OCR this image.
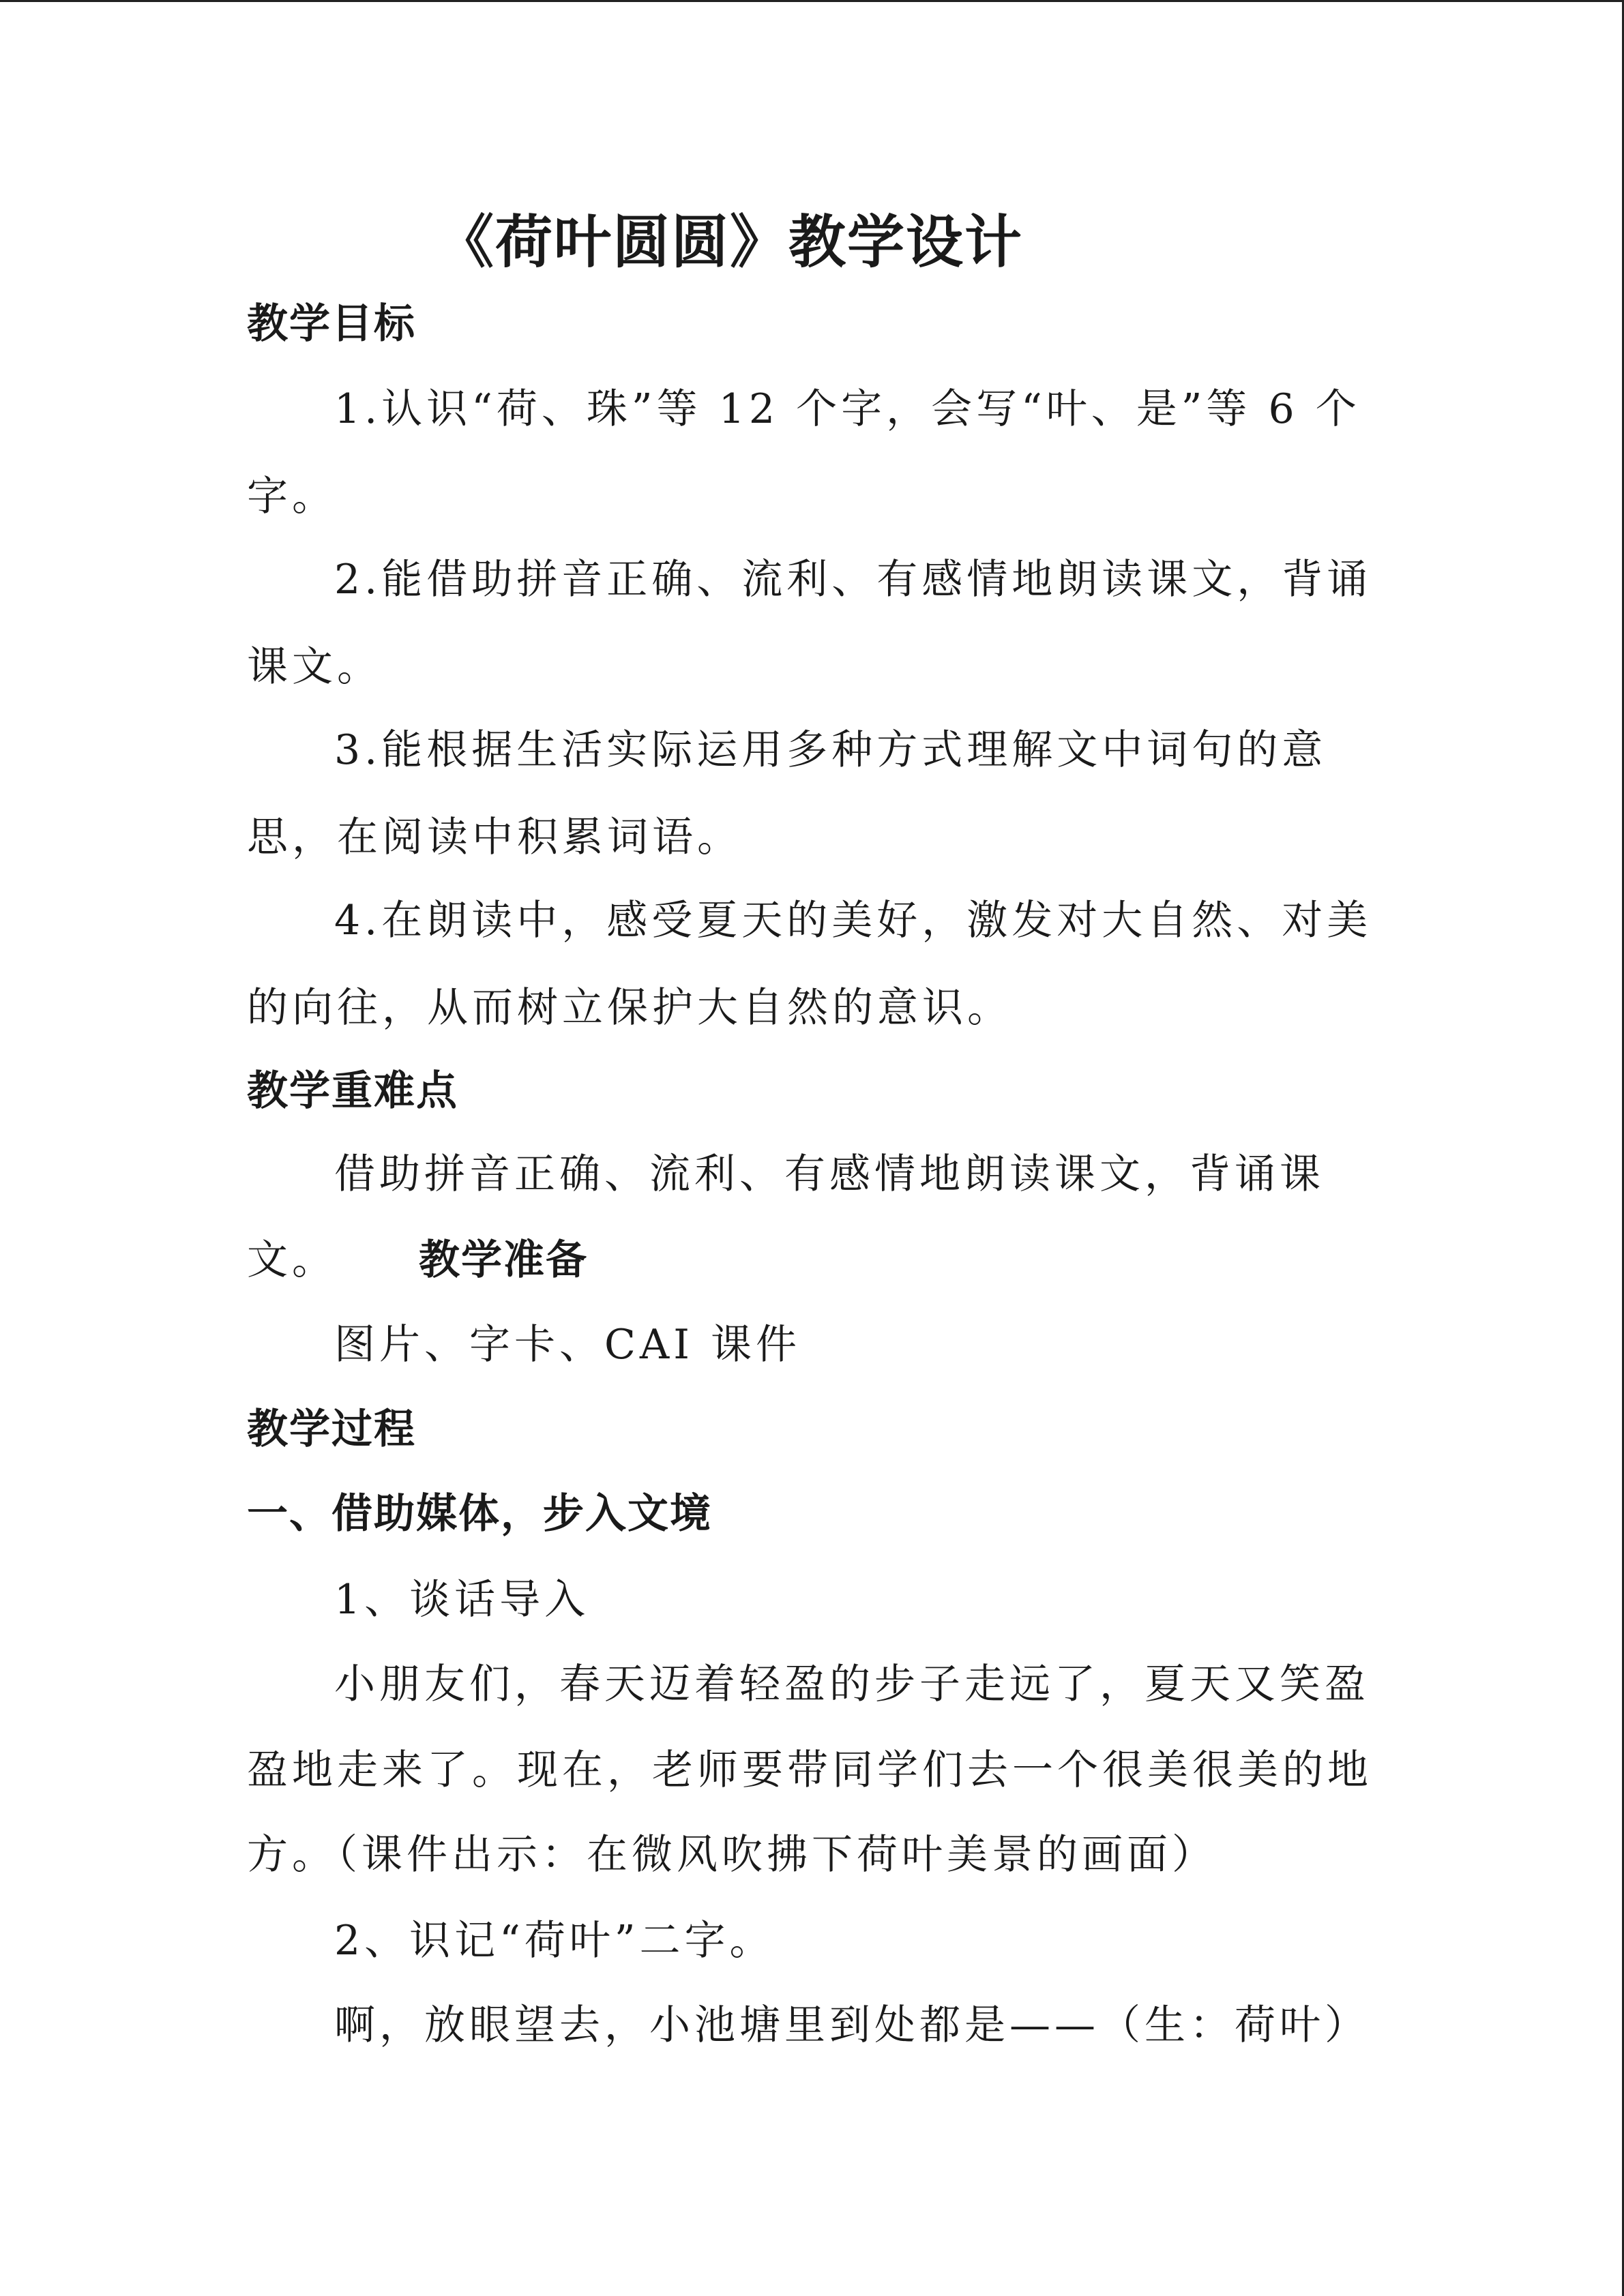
《荷叶圆圆》教学设计
教学目标
1.认识“荷、珠”等 12 个字，会写“叶、是”等 6 个
字。
2.能借助拼音正确、流利、有感情地朗读课文，背诵
课文。
3.能根据生活实际运用多种方式理解文中词句的意
思，在阅读中积累词语。
4.在朗读中，感受夏天的美好，激发对大自然、对美
的向往，从而树立保护大自然的意识。
教学重难点
借助拼音正确、流利、有感情地朗读课文，背诵课
文。 教学准备
图片、字卡、CAI 课件
教学过程
一、借助媒体，步入文境
1、谈话导入
小朋友们，春天迈着轻盈的步子走远了，夏天又笑盈
盈地走来了。现在，老师要带同学们去一个很美很美的地
方。（课件出示：在微风吹拂下荷叶美景的画面）
2、识记“荷叶”二字。
啊，放眼望去，小池塘里到处都是——（生：荷叶）
